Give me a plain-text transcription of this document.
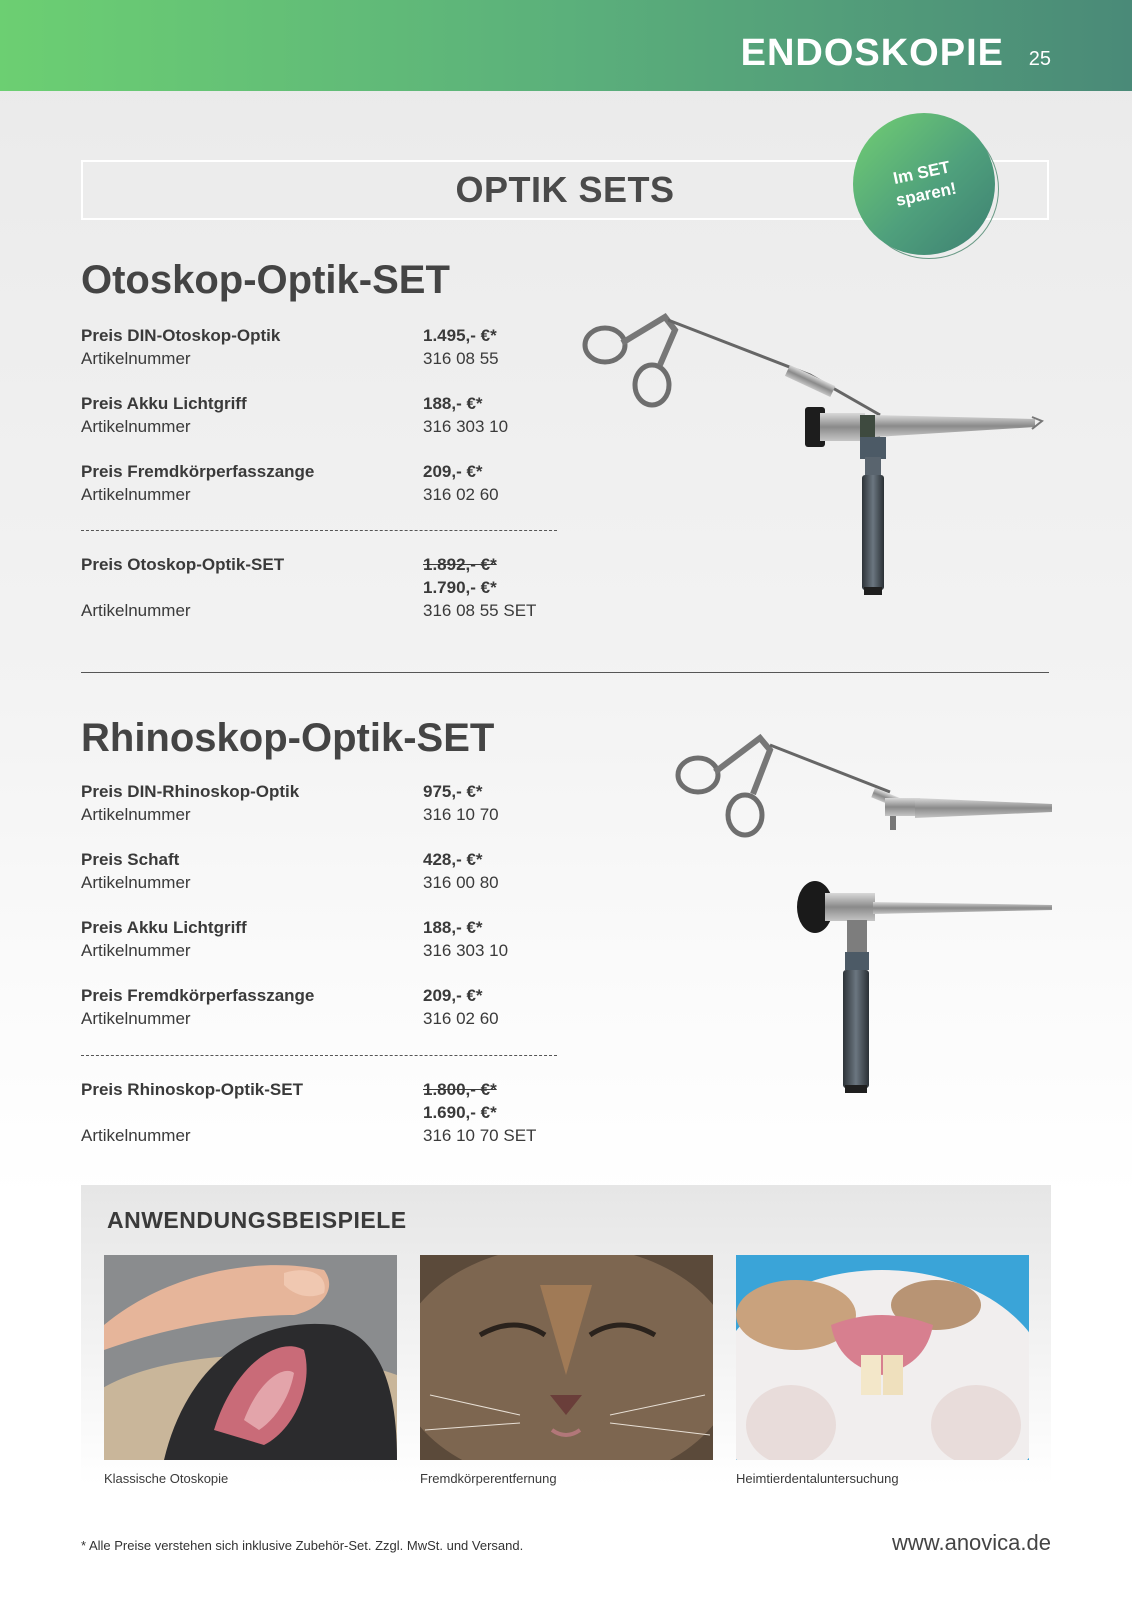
ENDOSKOPIE 25
OPTIK SETS	Im SET
sparen!
Otoskop-Optik-SET
Preis DIN-Otoskop-Optik	1.495,- €*
Artikelnummer	316 08 55
Preis Akku Lichtgriff	188,- €*
Artikelnummer	316 303 10
Preis Fremdkörperfasszange	209,- €*
Artikelnummer	316 02 60
Preis Otoskop-Optik-SET	1.892,- €*
1.790,- €*
Artikelnummer	316 08 55 SET
Rhinoskop-Optik-SET
Preis DIN-Rhinoskop-Optik	975,- €*
Artikelnummer	316 10 70
Preis Schaft	428,- €*
Artikelnummer	316 00 80
Preis Akku Lichtgriff	188,- €*
Artikelnummer	316 303 10
Preis Fremdkörperfasszange	209,- €*
Artikelnummer	316 02 60
Preis Rhinoskop-Optik-SET	1.800,- €*
1.690,- €*
Artikelnummer	316 10 70 SET
ANWENDUNGSBEISPIELE
Klassische Otoskopie	Fremdkörperentfernung	Heimtierdentaluntersuchung
* Alle Preise verstehen sich inklusive Zubehör-Set. Zzgl. MwSt. und Versand.	www.anovica.de
